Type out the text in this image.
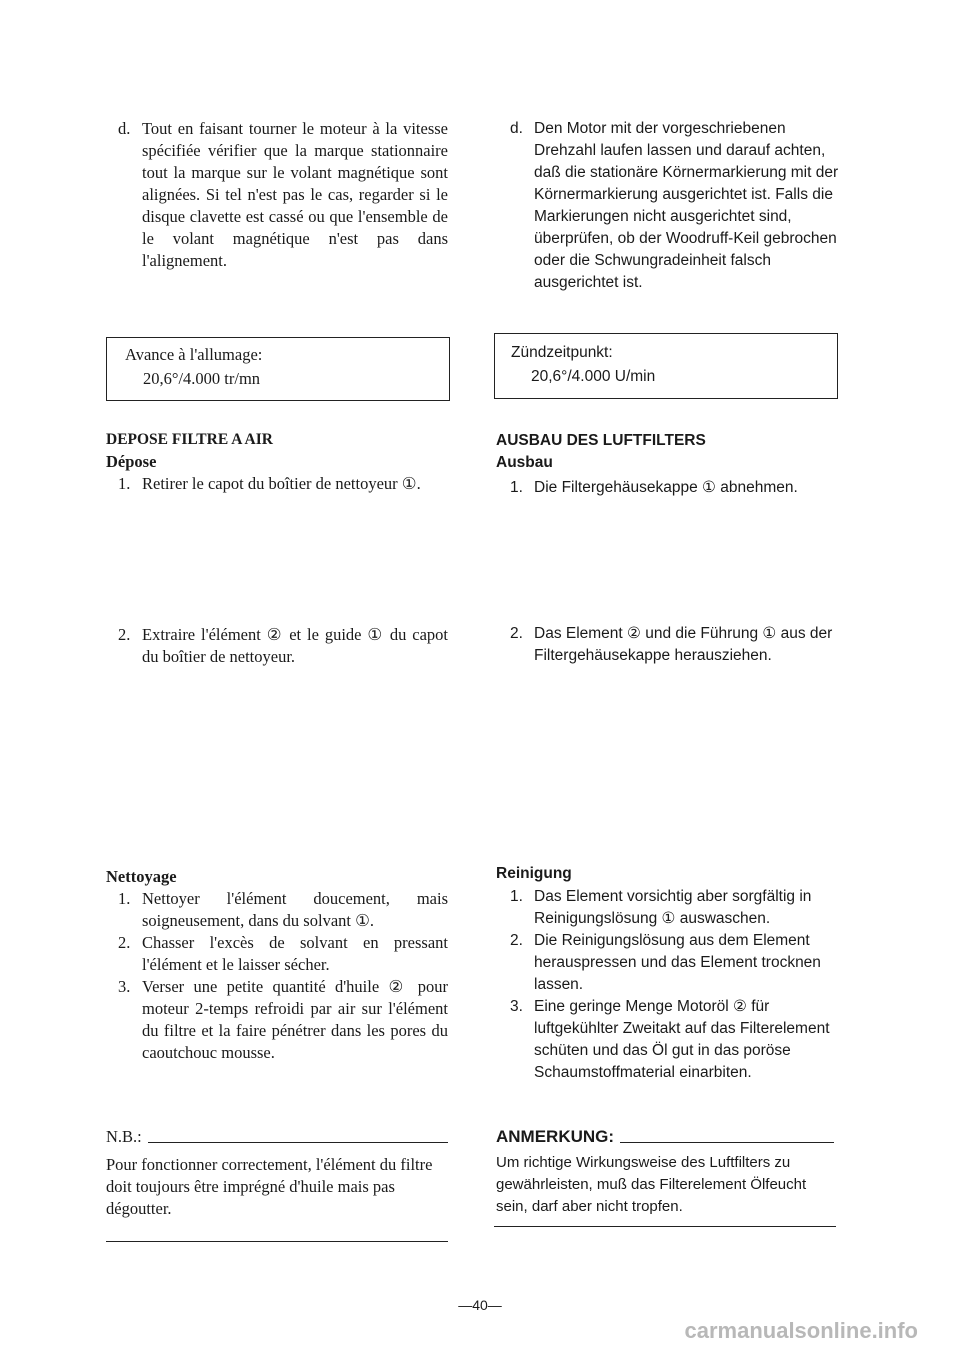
d. Tout en faisant tourner le moteur à la vitesse spécifiée vérifier que la marque stationnaire tout la marque sur le volant magnétique sont alignées. Si tel n'est pas le cas, regarder si le disque clavette est cassé ou que l'ensemble de le volant magnétique n'est pas dans l'alignement.
Avance à l'allumage:
20,6°/4.000 tr/mn
DEPOSE FILTRE A AIR
Dépose
1. Retirer le capot du boîtier de nettoyeur ①.
2. Extraire l'élément ② et le guide ① du capot du boîtier de nettoyeur.
Nettoyage
1. Nettoyer l'élément doucement, mais soigneusement, dans du solvant ①.
2. Chasser l'excès de solvant en pressant l'élément et le laisser sécher.
3. Verser une petite quantité d'huile ② pour moteur 2-temps refroidi par air sur l'élément du filtre et la faire pénétrer dans les pores du caoutchouc mousse.
N.B.:
Pour fonctionner correctement, l'élément du filtre doit toujours être imprégné d'huile mais pas dégoutter.
d. Den Motor mit der vorgeschriebenen Drehzahl laufen lassen und darauf achten, daß die stationäre Körnermarkierung mit der Körnermarkierung ausgerichtet ist. Falls die Markierungen nicht ausgerichtet sind, überprüfen, ob der Woodruff-Keil gebrochen oder die Schwungradeinheit falsch ausgerichtet ist.
Zündzeitpunkt:
20,6°/4.000 U/min
AUSBAU DES LUFTFILTERS
Ausbau
1. Die Filtergehäusekappe ① abnehmen.
2. Das Element ② und die Führung ① aus der Filtergehäusekappe herausziehen.
Reinigung
1. Das Element vorsichtig aber sorgfältig in Reinigungslösung ① auswaschen.
2. Die Reinigungslösung aus dem Element herauspressen und das Element trocknen lassen.
3. Eine geringe Menge Motoröl ② für luftgekühlter Zweitakt auf das Filterelement schüten und das Öl gut in das poröse Schaumstoffmaterial einarbiten.
ANMERKUNG:
Um richtige Wirkungsweise des Luftfilters zu gewährleisten, muß das Filterelement Ölfeucht sein, darf aber nicht tropfen.
—40—
carmanualsonline.info
